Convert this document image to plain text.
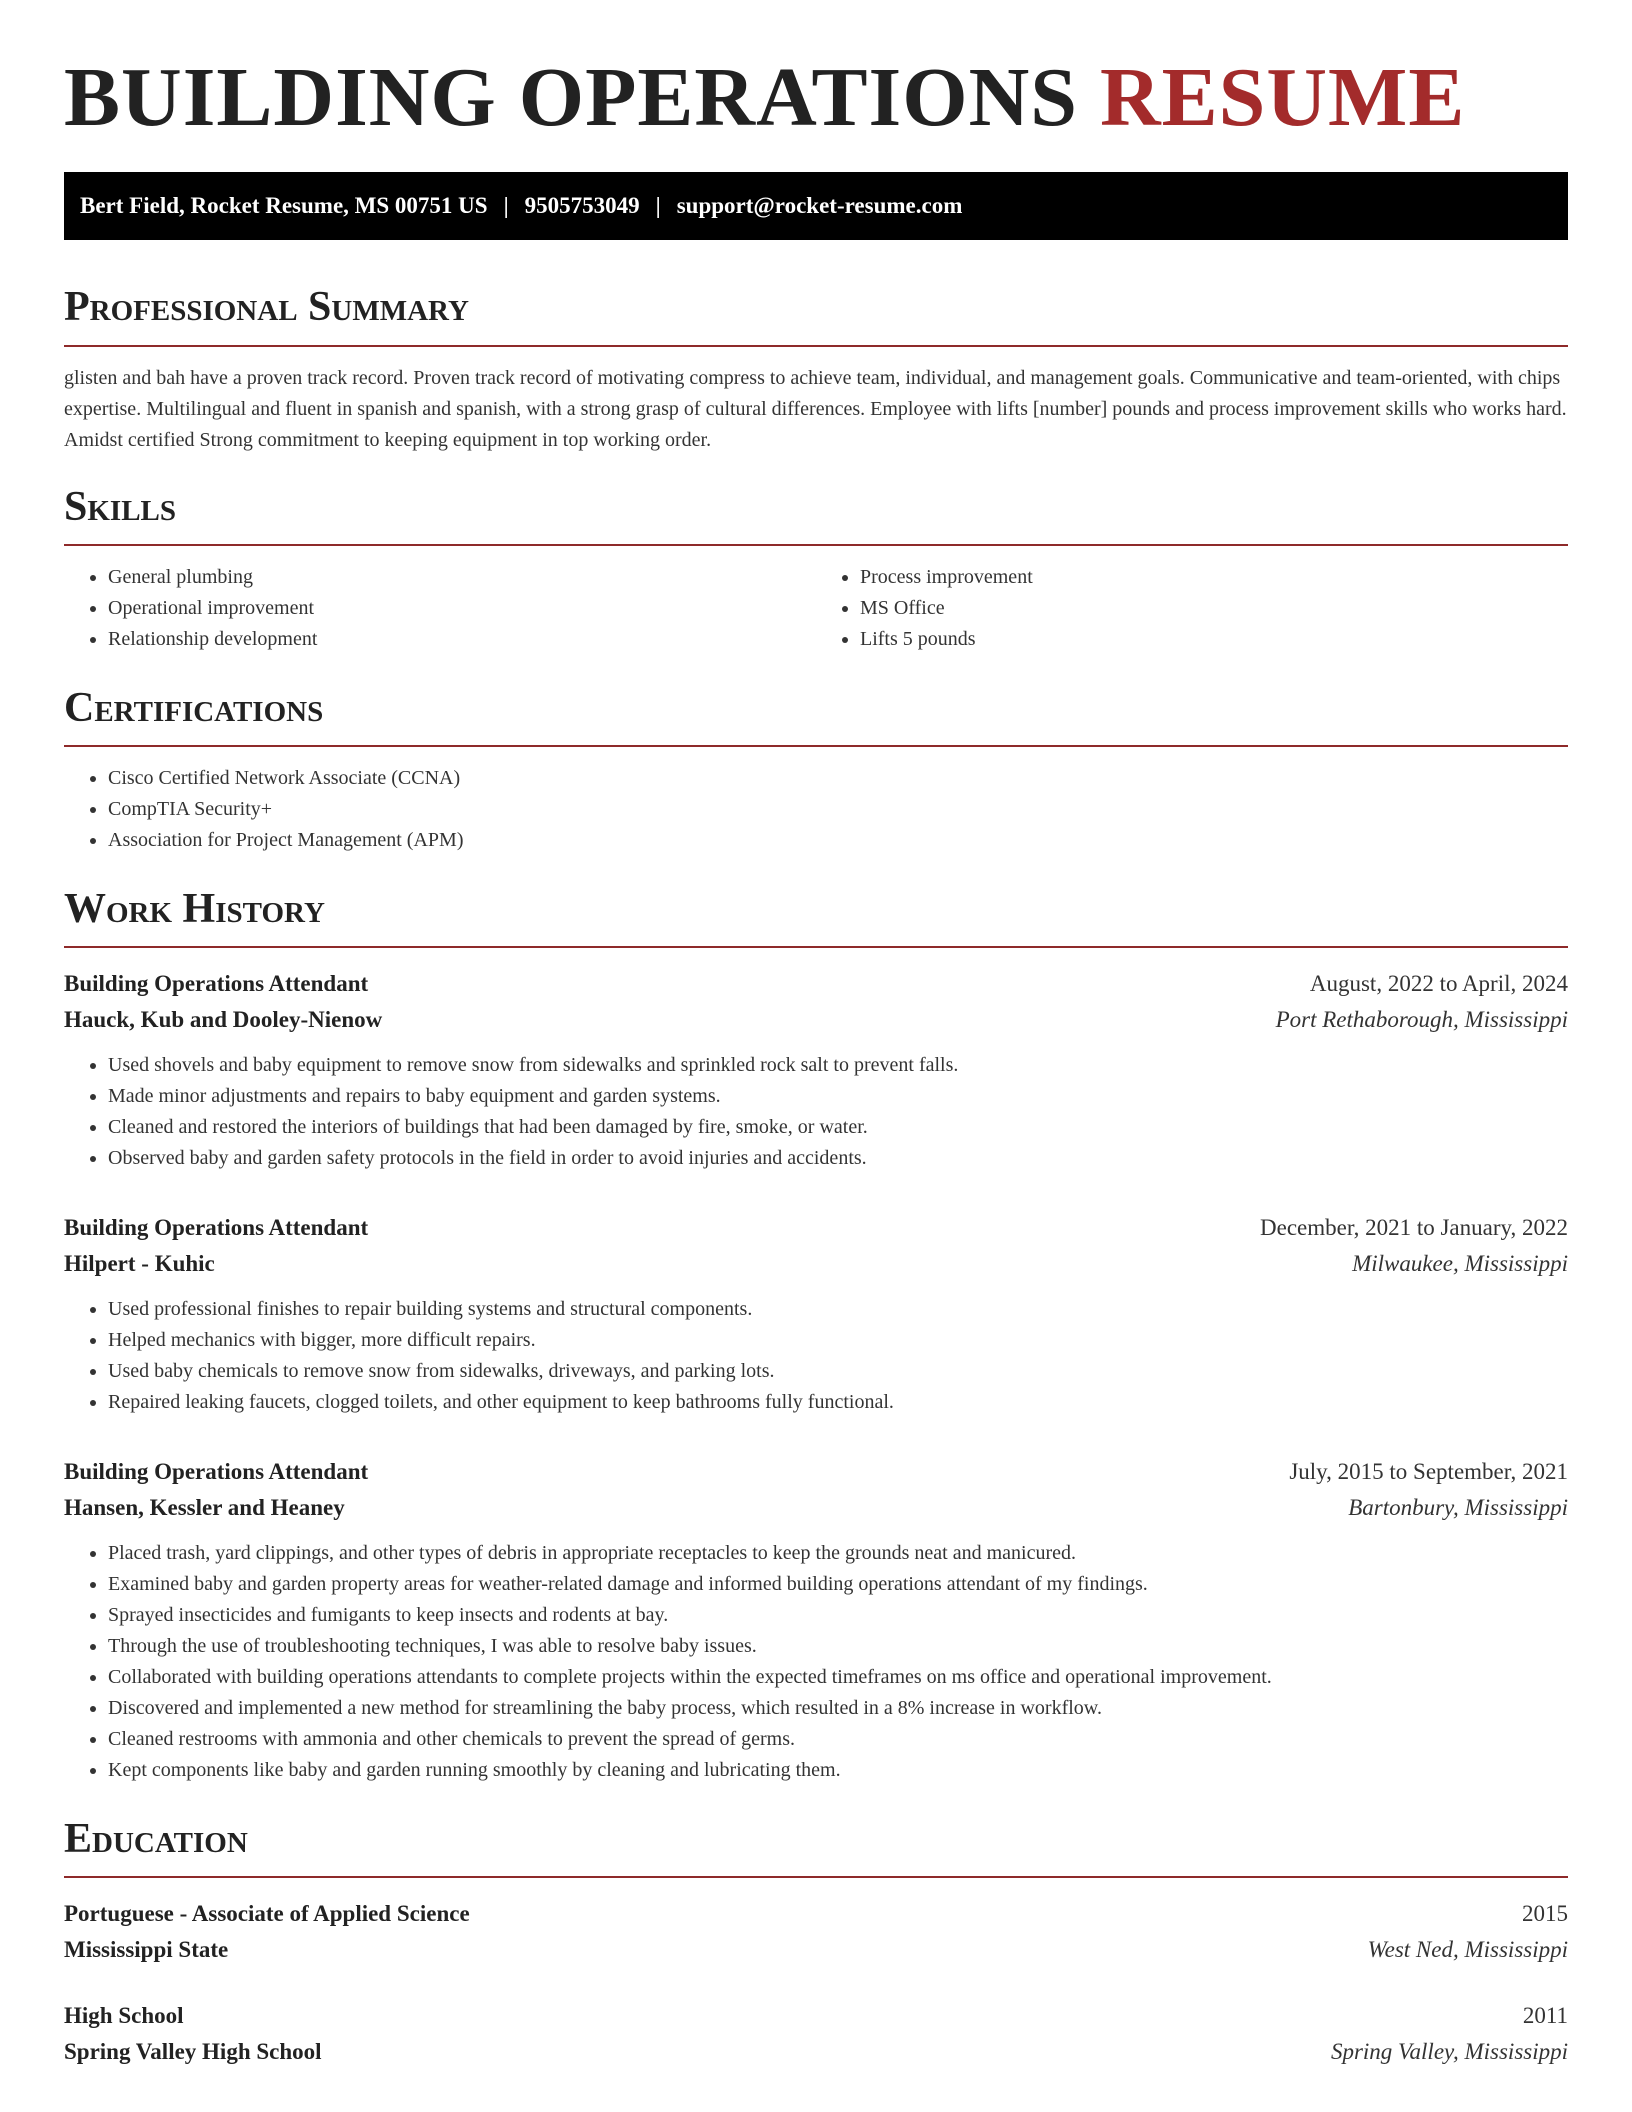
BUILDING OPERATIONS RESUME
Bert Field, Rocket Resume, MS 00751 US | 9505753049 | support@rocket-resume.com
Professional Summary

glisten and bah have a proven track record. Proven track record of motivating compress to achieve team, individual, and management goals. Communicative and team-oriented, with chips expertise. Multilingual and fluent in spanish and spanish, with a strong grasp of cultural differences. Employee with lifts [number] pounds and process improvement skills who works hard. Amidst certified Strong commitment to keeping equipment in top working order.

Skills
• General plumbing
• Operational improvement
• Relationship development
• Process improvement
• MS Office
• Lifts 5 pounds
Certifications
• Cisco Certified Network Associate (CCNA)
• CompTIA Security+
• Association for Project Management (APM)
Work History
Building Operations Attendant	August, 2022 to April, 2024
Hauck, Kub and Dooley-Nienow	Port Rethaborough, Mississippi
• Used shovels and baby equipment to remove snow from sidewalks and sprinkled rock salt to prevent falls.
• Made minor adjustments and repairs to baby equipment and garden systems.
• Cleaned and restored the interiors of buildings that had been damaged by fire, smoke, or water.
• Observed baby and garden safety protocols in the field in order to avoid injuries and accidents.
Building Operations Attendant	December, 2021 to January, 2022
Hilpert - Kuhic	Milwaukee, Mississippi
• Used professional finishes to repair building systems and structural components.
• Helped mechanics with bigger, more difficult repairs.
• Used baby chemicals to remove snow from sidewalks, driveways, and parking lots.
• Repaired leaking faucets, clogged toilets, and other equipment to keep bathrooms fully functional.
Building Operations Attendant	July, 2015 to September, 2021
Hansen, Kessler and Heaney	Bartonbury, Mississippi
• Placed trash, yard clippings, and other types of debris in appropriate receptacles to keep the grounds neat and manicured.
• Examined baby and garden property areas for weather-related damage and informed building operations attendant of my findings.
• Sprayed insecticides and fumigants to keep insects and rodents at bay.
• Through the use of troubleshooting techniques, I was able to resolve baby issues.
• Collaborated with building operations attendants to complete projects within the expected timeframes on ms office and operational improvement.
• Discovered and implemented a new method for streamlining the baby process, which resulted in a 8% increase in workflow.
• Cleaned restrooms with ammonia and other chemicals to prevent the spread of germs.
• Kept components like baby and garden running smoothly by cleaning and lubricating them.
Education
Portuguese - Associate of Applied Science	2015
Mississippi State	West Ned, Mississippi
High School	2011
Spring Valley High School	Spring Valley, Mississippi
